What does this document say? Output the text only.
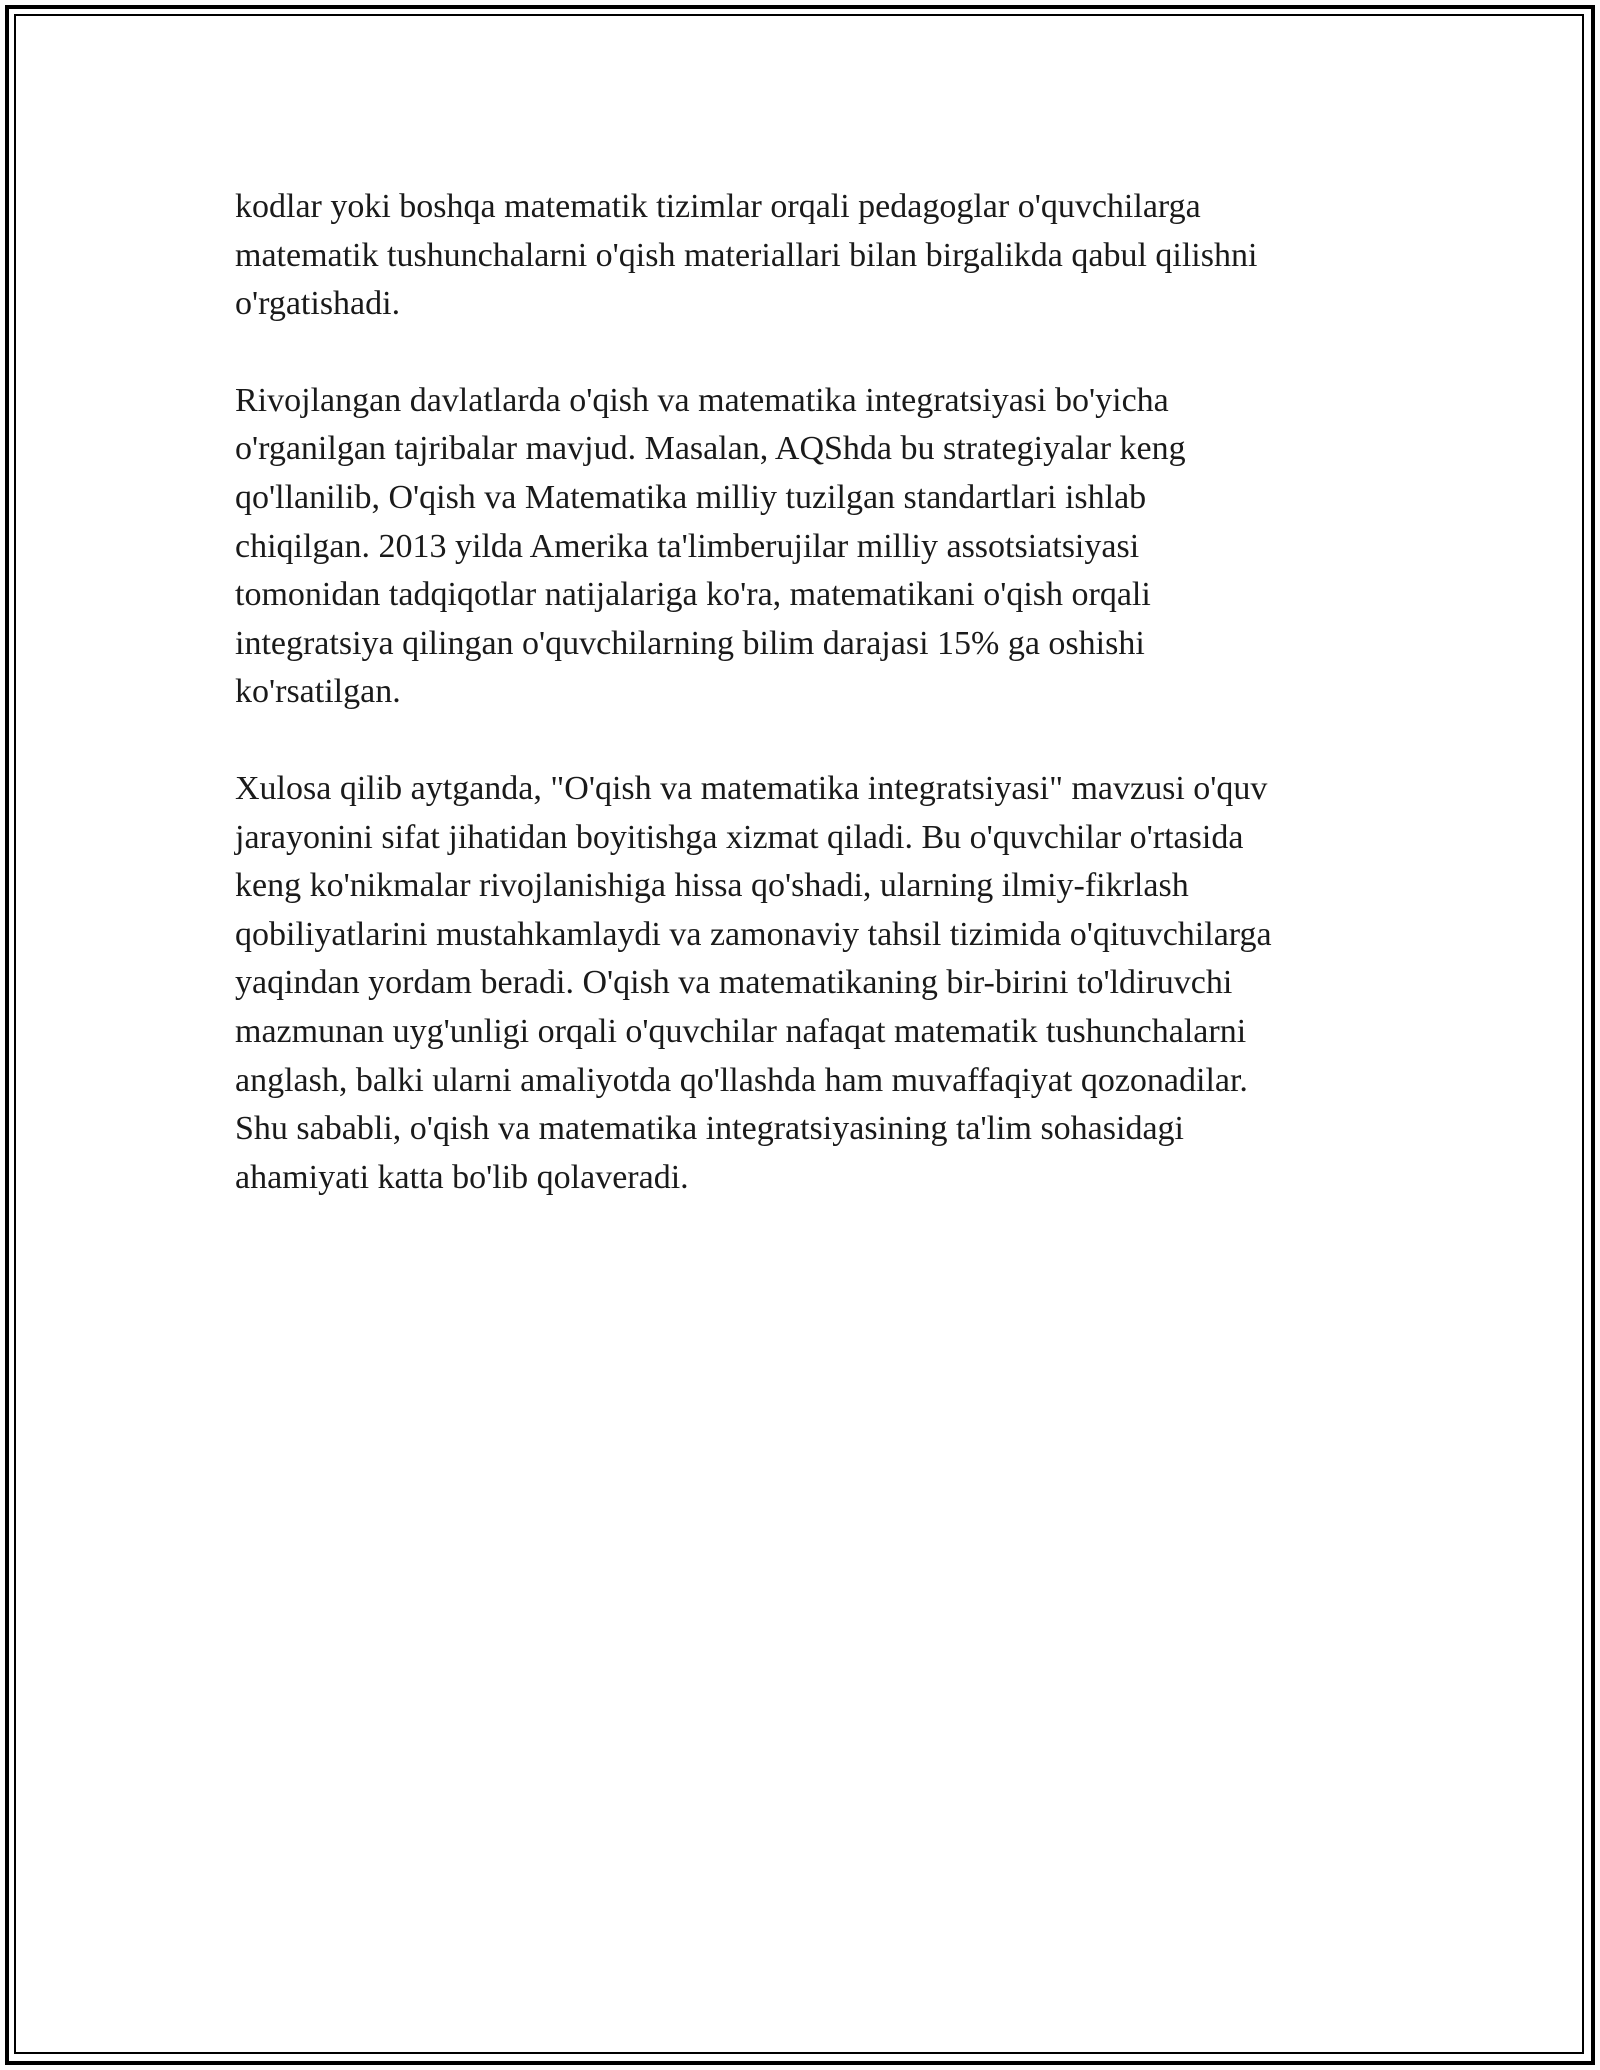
kodlar yoki boshqa matematik tizimlar orqali pedagoglar o'quvchilarga
matematik tushunchalarni o'qish materiallari bilan birgalikda qabul qilishni
o'rgatishadi.

Rivojlangan davlatlarda o'qish va matematika integratsiyasi bo'yicha
o'rganilgan tajribalar mavjud. Masalan, AQShda bu strategiyalar keng
qo'llanilib, O'qish va Matematika milliy tuzilgan standartlari ishlab
chiqilgan. 2013 yilda Amerika ta'limberujilar milliy assotsiatsiyasi
tomonidan tadqiqotlar natijalariga ko'ra, matematikani o'qish orqali
integratsiya qilingan o'quvchilarning bilim darajasi 15% ga oshishi
ko'rsatilgan.

Xulosa qilib aytganda, "O'qish va matematika integratsiyasi" mavzusi o'quv
jarayonini sifat jihatidan boyitishga xizmat qiladi. Bu o'quvchilar o'rtasida
keng ko'nikmalar rivojlanishiga hissa qo'shadi, ularning ilmiy-fikrlash
qobiliyatlarini mustahkamlaydi va zamonaviy tahsil tizimida o'qituvchilarga
yaqindan yordam beradi. O'qish va matematikaning bir-birini to'ldiruvchi
mazmunan uyg'unligi orqali o'quvchilar nafaqat matematik tushunchalarni
anglash, balki ularni amaliyotda qo'llashda ham muvaffaqiyat qozonadilar.
Shu sababli, o'qish va matematika integratsiyasining ta'lim sohasidagi
ahamiyati katta bo'lib qolaveradi.
